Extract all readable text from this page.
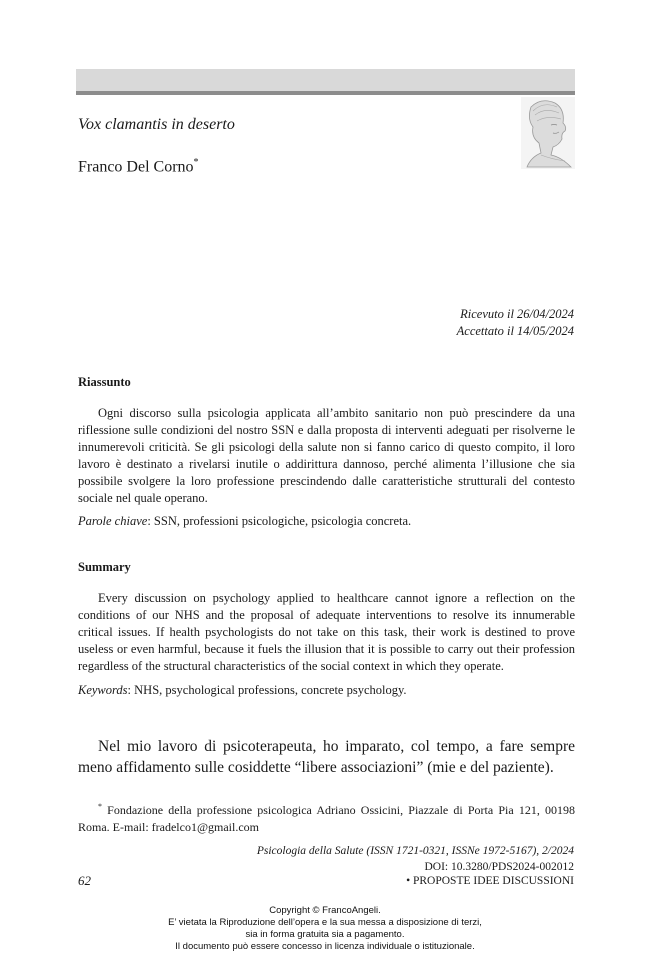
Vox clamantis in deserto
Franco Del Corno*
Ricevuto il 26/04/2024
Accettato il 14/05/2024
Riassunto

Ogni discorso sulla psicologia applicata all’ambito sanitario non può prescindere da una riflessione sulle condizioni del nostro SSN e dalla proposta di interventi adeguati per risolverne le innumerevoli criticità. Se gli psicologi della salute non si fanno carico di questo compito, il loro lavoro è destinato a rivelarsi inutile o addirittura dannoso, perché alimenta l’illusione che sia possibile svolgere la loro professione prescindendo dalle caratteristiche strutturali del contesto sociale nel quale operano.

Parole chiave: SSN, professioni psicologiche, psicologia concreta.
Summary

Every discussion on psychology applied to healthcare cannot ignore a reflection on the conditions of our NHS and the proposal of adequate interventions to resolve its innumerable critical issues. If health psychologists do not take on this task, their work is destined to prove useless or even harmful, because it fuels the illusion that it is possible to carry out their profession regardless of the structural characteristics of the social context in which they operate.

Keywords: NHS, psychological professions, concrete psychology.

Nel mio lavoro di psicoterapeuta, ho imparato, col tempo, a fare sempre meno affidamento sulle cosiddette “libere associazioni” (mie e del paziente).

* Fondazione della professione psicologica Adriano Ossicini, Piazzale di Porta Pia 121, 00198 Roma. E-mail: fradelco1@gmail.com

Psicologia della Salute (ISSN 1721-0321, ISSNe 1972-5167), 2/2024
DOI: 10.3280/PDS2024-002012
62	• PROPOSTE IDEE DISCUSSIONI
Copyright © FrancoAngeli.
E’ vietata la Riproduzione dell’opera e la sua messa a disposizione di terzi,
sia in forma gratuita sia a pagamento.
Il documento può essere concesso in licenza individuale o istituzionale.
